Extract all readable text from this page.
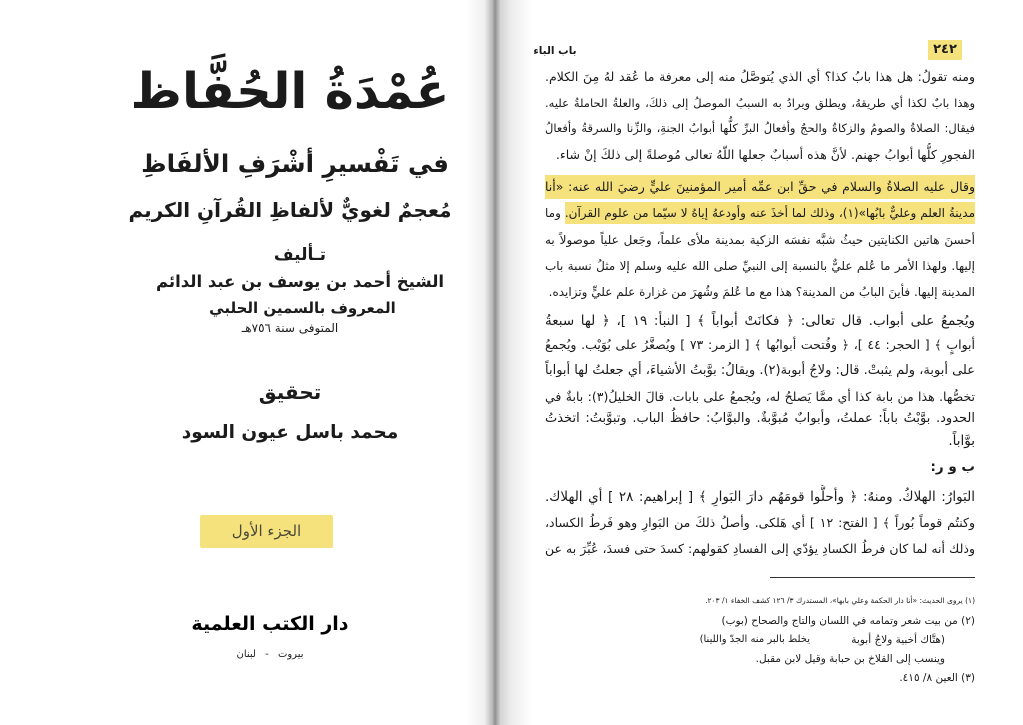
عُمْدَةُ الحُفَّاظ
في تَفْسيرِ أشْرَفِ الألفَاظِ
مُعجمٌ لغويٌّ لألفاظِ القُرآنِ الكريم
تـأليف
الشيخ أحمد بن يوسف بن عبد الدائم
المعروف بالسمين الحلبي
المتوفى سنة ٧٥٦هـ
تحقيق
محمد باسل عيون السود
الجزء الأول
دار الكتب العلمية
بيروت - لبنان
٢٤٢
باب الباء
ومنه تقولُ: هل هذا بابُ كذا؟ أي الذي يُتوصَّلُ منه إلى معرفة ما عُقد لهُ مِنَ الكلام.
وهذا بابٌ لكذا أي طريقهُ، ويطلق ويرادُ به السببُ الموصلُ إلى ذلكَ، والعلةُ الحاملةُ عليه.
فيقال: الصلاةُ والصومُ والزكاةُ والحجُ وأفعالُ البرِّ كلُّها أبوابُ الجنةِ، والزِّنا والسرقةُ وأفعالُ
الفجورِ كلُّها أبوابُ جهنم. لأنَّ هذه أسبابٌ جعلها اللّهُ تعالى مُوصلةً إلى ذلكَ إنْ شاء.
وقال عليه الصلاةُ والسلام في حقِّ ابن عمِّه أمير المؤمنينَ عليٍّ رضيَ الله عنه: «أنا
مدينةُ العلم وعليٌّ بابُها»(١)، وذلك لما أخذَ عنه وأودعهُ إياهُ لا سيّما من علوم القرآن. وما
أحسنَ هاتين الكنايتين حيثُ شبَّه نفسَه الزكية بمدينة ملأى علماً، وجَعل علياً موصولاً به
إليها. ولهذا الأمر ما عُلم عليٌّ بالنسبة إلى النبيِّ صلى الله عليه وسلم إلا مثلُ نسبة باب
المدينة إليها. فأينَ البابُ من المدينة؟ هذا مع ما عُلمَ وشُهرَ من غزارة علم عليٍّ وتزايده.
ويُجمعُ على أبواب. قال تعالى: ﴿ فكانَتْ أبواباً ﴾ [ النبأ: ١٩ ]، ﴿ لها سبعةُ
أبوابٍ ﴾ [ الحجر: ٤٤ ]، ﴿ وفُتحت أبوابُها ﴾ [ الزمر: ٧٣ ] ويُصغَّرُ على بُوَيْب. ويُجمعُ
على أبوبة، ولم يثبتْ. قال: ولاجُ أبوبة(٢). ويقالُ: بوَّبتُ الأشياءَ، أي جعلتُ لها أبواباً
تخصُّها. هذا من بابة كذا أي ممَّا يَصلحُ له، ويُجمعُ على بابات. قالَ الخليلُ(٣): بابةٌ في
الحدود. بوَّبْتُ باباً: عملتُ، وأبوابٌ مُبوَّبةٌ. والبوَّابُ: حافظُ الباب. وتبوَّبتُ: اتخذتُ
بوَّاباً.
ب و ر:
البَوارُ: الهلاكُ. ومنهُ: ﴿ وأحلُّوا قومَهُم دارَ البَوارِ ﴾ [ إبراهيم: ٢٨ ] أي الهلاك.
وكنتُم قوماً بُوراً ﴾ [ الفتح: ١٢ ] أي هَلكى. وأصلُ ذلكَ من البَوارِ وهو فَرطُ الكساد،
وذلك أنه لما كان فرطُ الكسادِ يؤدّي إلى الفسادِ كقولهم: كسدَ حتى فسدَ، عُبِّرَ به عن
(١) يروى الحديث: «أنا دار الحكمة وعلي بابها»، المستدرك ٣/ ١٢٦ كشف الخفاء ١/ ٢٠٣.
(٢) من بيت شعر وتمامه في اللسان والتاج والصحاح (بوب)
(هتَّاك أخبية ولاجُ أبوبة
يخلط بالبر منه الجدّ واللينا)
وينسب إلى القلاخ بن حبابة وقيل لابن مقبل.
(٣) العين ٨/ ٤١٥.
